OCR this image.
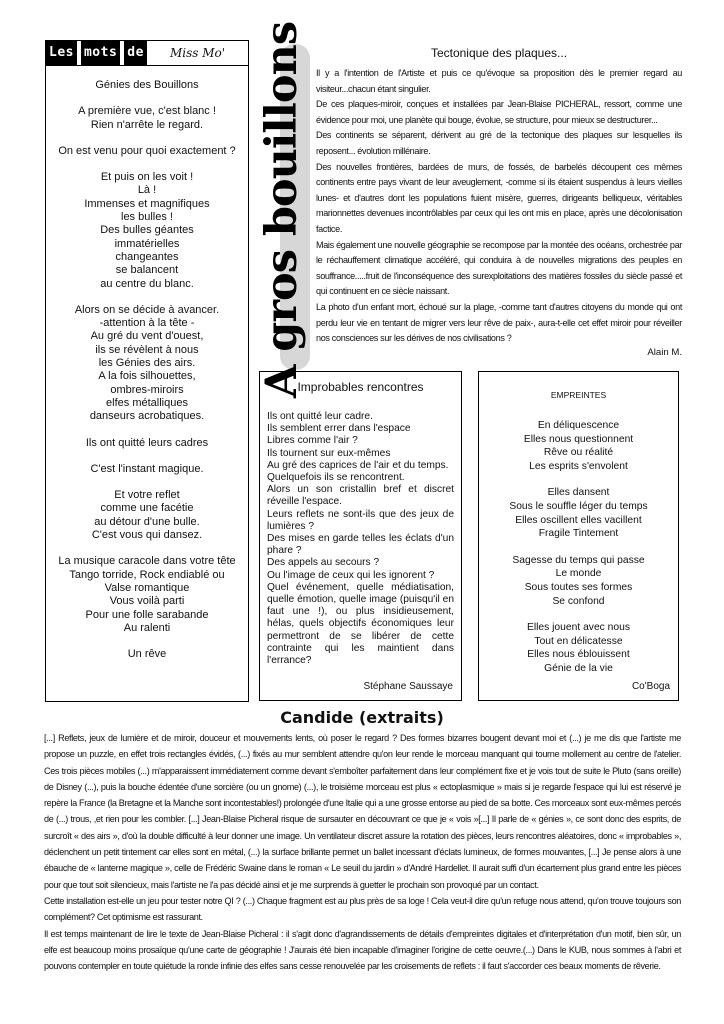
Les mots de	Miss Mo'

Génies des Bouillons

A première vue, c'est blanc !
Rien n'arrête le regard.

On est venu pour quoi exactement ?

Et puis on les voit !
Là !
Immenses et magnifiques
les bulles !
Des bulles géantes
immatérielles
changeantes
se balancent
au centre du blanc.

Alors on se décide à avancer.
-attention à la tête -
Au gré du vent d'ouest,
ils se révèlent à nous
les Génies des airs.
A la fois silhouettes,
ombres-miroirs
elfes métalliques
danseurs acrobatiques.

Ils ont quitté leurs cadres

C'est l'instant magique.

Et votre reflet
comme une facétie
au détour d'une bulle.
C'est vous qui dansez.

La musique caracole dans votre tête
Tango torride, Rock endiablé ou
Valse romantique
Vous voilà parti
Pour une folle sarabande
Au ralenti

Un rêve

A gros bouillons	Tectonique des plaques...

Il y a l'intention de l'Artiste et puis ce qu'évoque sa proposition dès le premier regard au visiteur...chacun étant singulier.

De ces plaques-miroir, conçues et installées par Jean-Blaise PICHERAL, ressort, comme une évidence pour moi, une planète qui bouge, évolue, se structure, pour mieux se destructurer...

Des continents se séparent, dérivent au gré de la tectonique des plaques sur lesquelles ils reposent... évolution millénaire.

Des nouvelles frontières, bardées de murs, de fossés, de barbelés découpent ces mêmes continents entre pays vivant de leur aveuglement, -comme si ils étaient suspendus à leurs vieilles lunes- et d'autres dont les populations fuient misère, guerres, dirigeants belliqueux, véritables marionnettes devenues incontrôlables par ceux qui les ont mis en place, après une décolonisation factice.

Mais également une nouvelle géographie se recompose par la montée des océans, orchestrée par le réchauffement climatique accéléré, qui conduira à de nouvelles migrations des peuples en souffrance.....fruit de l'inconséquence des surexploitations des matières fossiles du siècle passé et qui continuent en ce siècle naissant.

La photo d'un enfant mort, échoué sur la plage, -comme tant d'autres citoyens du monde qui ont perdu leur vie en tentant de migrer vers leur rêve de paix-, aura-t-elle cet effet miroir pour réveiller nos consciences sur les dérives de nos civilisations ?

Alain M.
Improbables rencontres
Ils ont quitté leur cadre.
Ils semblent errer dans l'espace
Libres comme l'air ?
Ils tournent sur eux-mêmes
Au gré des caprices de l'air et du temps.
Quelquefois ils se rencontrent.
Alors un son cristallin bref et discret réveille l'espace.
Leurs reflets ne sont-ils que des jeux de lumières ?
Des mises en garde telles les éclats d'un phare ?
Des appels au secours ?
Ou l'image de ceux qui les ignorent ?
Quel événement, quelle médiatisation, quelle émotion, quelle image (puisqu'il en faut une !), ou plus insidieusement, hélas, quels objectifs économiques leur permettront de se libérer de cette contrainte qui les maintient dans l'errance?
Stéphane Saussaye
EMPREINTES

En déliquescence
Elles nous questionnent
Rêve ou réalité
Les esprits s'envolent

Elles dansent
Sous le souffle léger du temps
Elles oscillent elles vacillent
Fragile Tintement

Sagesse du temps qui passe
Le monde
Sous toutes ses formes
Se confond

Elles jouent avec nous
Tout en délicatesse
Elles nous éblouissent
Génie de la vie

Co'Boga
Candide (extraits)

[...] Reflets, jeux de lumière et de miroir, douceur et mouvements lents, où poser le regard ? Des formes bizarres bougent devant moi et (...) je me dis que l'artiste me propose un puzzle, en effet trois rectangles évidés, (...) fixés au mur semblent attendre qu'on leur rende le morceau manquant qui tourne mollement au centre de l'atelier. Ces trois pièces mobiles (...) m'apparaissent immédiatement comme devant s'emboîter parfaitement dans leur complément fixe et je vois tout de suite le Pluto (sans oreille) de Disney (...), puis la bouche édentée d'une sorcière (ou un gnome) (...), le troisième morceau est plus « ectoplasmique » mais si je regarde l'espace qui lui est réservé je repère la France (la Bretagne et la Manche sont incontestables!) prolongée d'une Italie qui a une grosse entorse au pied de sa botte. Ces morceaux sont eux-mêmes percés de (...) trous, ,et rien pour les combler. [...] Jean-Blaise Picheral risque de sursauter en découvrant ce que je « vois »[...] Il parle de « génies », ce sont donc des esprits, de surcroît « des airs », d'où la double difficulté à leur donner une image. Un ventilateur discret assure la rotation des pièces, leurs rencontres aléatoires, donc « improbables », déclenchent un petit tintement car elles sont en métal, (...) la surface brillante permet un ballet incessant d'éclats lumineux, de formes mouvantes, [...] Je pense alors à une ébauche de « lanterne magique », celle de Frédéric Swaine dans le roman « Le seuil du jardin » d'André Hardellet. Il aurait suffi d'un écartement plus grand entre les pièces pour que tout soit silencieux, mais l'artiste ne l'a pas décidé ainsi et je me surprends à guetter le prochain son provoqué par un contact.

Cette installation est-elle un jeu pour tester notre QI ? (...) Chaque fragment est au plus près de sa loge ! Cela veut-il dire qu'un refuge nous attend, qu'on trouve toujours son complément? Cet optimisme est rassurant.

Il est temps maintenant de lire le texte de Jean-Blaise Picheral : il s'agit donc d'agrandissements de détails d'empreintes digitales et d'interprétation d'un motif, bien sûr, un elfe est beaucoup moins prosaïque qu'une carte de géographie ! J'aurais été bien incapable d'imaginer l'origine de cette oeuvre.(...) Dans le KUB, nous sommes à l'abri et pouvons contempler en toute quiétude la ronde infinie des elfes sans cesse renouvelée par les croisements de reflets : il faut s'accorder ces beaux moments de rêverie.
